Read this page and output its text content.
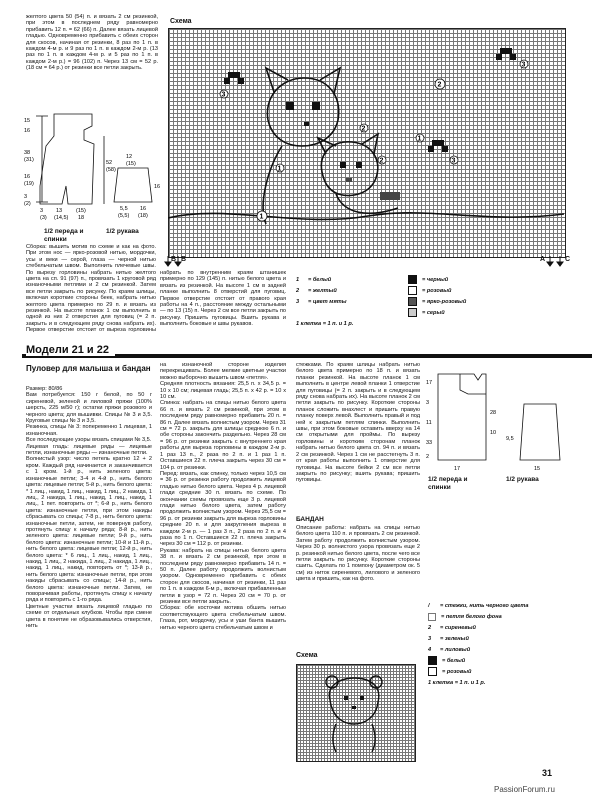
желтого цвета 50 (54) п. и вязать 2 см резинкой, при этом в последнем ряду равномерно прибавить 12 п. = 62 (66) п. Далее вязать лицевой гладью. Одновременно прибавить с обеих сторон для скосов, начиная от резинки, 8 раз по 1 п. в каждом 4-м р. и 9 раз по 1 п. в каждом 2-м р. (13 раз по 1 п. в каждом 4-м р. и 5 раз по 1 п. в каждом 2-м р.) = 96 (102) п. Через 13 см = 52 р. (18 см = 64 р.) от резинки все петли закрыть.
15
16
38
(31)
16
(19)
3
(2)
52
(58)
12
(15)
16
3
(3)
13
(14,5)
(15)
18
5,5
(5,5)
16
(18)
1/2 переда и спинки
1/2 рукава
Сборка: вышить мотив по схеме и как на фото. При этом нос — ярко-розовой нитью, мордочки, усы и веки — серой, глаза — черной нитью стебельчатым швом. Выполнить плечевые швы. По вырезу горловины набрать нитью желтого цвета на сп. 91 (97) п., провязать 1 круговой ряд изнаночными петлями и 2 см резинкой. Затем все петли закрыть по рисунку. По краям шлицы, включая короткие стороны беек, набрать нитью желтого цвета примерно по 29 п. и вязать из резинкой. На высоте планок 1 см выполнить в одной из них 2 отверстия для пуговиц (= 2 п. закрыть и в следующем ряду снова набрать их). Первое отверстие отстоит от выреза горловины
Схема
1
2
3
1
1
2
3
3
2
B B	A	C
набрать по внутренним краям штанишек примерно по 129 (145) п. нитью белого цвета и вязать из резинкой. На высоте 1 см в задней планке выполнить 8 отверстий для пуговиц. Первое отверстие отстоит от правого края работы на 4 п., расстояние между остальными — по 13 (15) п. Через 2 см все петли закрыть по рисунку. Пришить пуговицы. Вшить рукава и выполнить боковые и швы рукавов.
1	= белый	= черный
2	= желтый	= розовый
3	= цвет мяты	= ярко-розовый
= серый
1 клетка = 1 п. и 1 р.
Модели 21 и 22
Пуловер для малыша и бандан
Размер: 80/86
Вам потребуется: 150 г белой, по 50 г сиреневой, зеленой и лиловой пряжи (100% шерсть, 225 м/50 г); остатки пряжи розового и черного цвета; для вышивки. Спицы № 3 и 3,5. Круговые спицы № 3 и 3,5.
Резинка, спицы № 3: попеременно 1 лицевая, 1 изнаночная.
Все последующие узоры вязать спицами № 3,5.
Лицевая гладь: лицевые ряды — лицевые петли, изнаночные ряды — изнаночные петли.
Волнистый узор: число петель кратно 12 + 2 кром. Каждый ряд начинается и заканчивается с 1 кром. 1-й р., нить зеленого цвета: изнаночные петли; 3-4 и 4-й р., нить белого цвета: лицевые петли; 5-й р., нить белого цвета: * 1 лиц., накид, 1 лиц., накид, 1 лиц., 2 накида, 1 лиц., 2 накида, 1 лиц., накид, 1 лиц., накид, 1 лиц., 1 пет. повторить от *; 6-й р., нить белого цвета: изнаночные петли, при этом накиды сбрасывать со спицы; 7-8 р., нить белого цвета: изнаночные петли, затем, не повернув работу, протянуть спицу к началу ряда; 8-й р., нить зеленого цвета: лицевые петли; 9-й р., нить белого цвета: изнаночные петли; 10-й и 11-й р., нить белого цвета: лицевые петли; 12-й р., нить белого цвета: * 6 лиц., 1 лиц., накид, 1 лиц., накид, 1 лиц., 2 накида, 1 лиц., 2 накида, 1 лиц., накид, 1 лиц., накид, повторить от *; 13-й р., нить белого цвета: изнаночные петли, при этом накиды сбрасывать со спицы; 14-й р., нить белого цвета: изнаночные петли. Затем, не поворачивая работы, протянуть спицу к началу ряда и повторить с 1-го ряда.
Цветные участки вязать лицевой гладью по схеме от отдельных клубков. Чтобы при смене цвета в понятие не образовывались отверстия, нить
на изнаночной стороне изделия перекрещивать. Более мелкие цветные участки можно выборочно вышить швом «петля».
Средняя плотность вязания: 25,5 п. x 34,5 р. = 10 x 10 см; лицевая гладь; 25,5 п. x 42 р. = 10 x 10 см.
Спинка: набрать на спицы нитью белого цвета 66 п. и вязать 2 см резинкой, при этом в последнем ряду равномерно прибавить 20 п. = 86 п. Далее вязать волнистым узором. Через 31 см = 72 р. закрыть для шлицы среднюю 6 п. и обе стороны закончить раздельно. Через 28 см = 96 р. от резинки закрыть с внутреннего края работы для выреза горловины в каждом 2-м р. 1 раз 13 п., 2 раза по 2 п. и 1 раз 1 п. Оставшиеся 22 п. плеча закрыть через 30 см = 104 р. от резинки.
Перед: вязать, как спинку, только через 10,5 см = 36 р. от резинки работу продолжить лицевой гладью нитью белого цвета. Через 4 р. лицевой глади средние 30 п. вязать по схеме. По окончании схемы провязать еще 3 р. лицевой глади нитью белого цвета, затем работу продолжить волнистым узором. Через 25,5 см = 96 р. от резинки закрыть для выреза горловины средние 20 п. и для закругления выреза в каждом 2-м р. — 1 раз 3 п., 2 раза по 2 п. и 4 раза по 1 п. Оставшиеся 22 п. плеча закрыть через 30 см = 112 р. от резинки.
Рукава: набрать на спицы нитью белого цвета 38 п. и вязать 2 см резинкой, при этом в последнем ряду равномерно прибавить 14 п. = 50 п. Далее работу продолжить волнистым узором. Одновременно прибавить с обеих сторон для скосов, начиная от резинки, 11 раз по 1 п. в каждом 6-м р., включая прибавленные петли в узор = 72 п. Через 20 см = 70 р. от резинки все петли закрыть.
Сборка: обе косточки мотива обшить нитью соответствующего цвета стебельчатым швом. Глаза, рот, мордочку, усы и уши банта вышить нитью черного цвета стебельчатым швом и
стежками. По краям шлицы набрать нитью белого цвета примерно по 18 п. и вязать планки резинкой. На высоте планок 1 см выполнить в центре левой планки 1 отверстие для пуговицы (= 2 п. закрыть и в следующем ряду снова набрать их). На высоте планок 2 см петли закрыть по рисунку. Короткие стороны планок сложить внахлест и пришить правую планку поверх левой. Выполнить правый и под ней к закрытым петлям спинки. Выполнить швы, при этом боковые оставить вверху на 14 см открытыми для проймы. По вырезу горловины и коротким сторонам планок набрать нитью белого цвета сп. 94 п. и вязать 2 см резинкой. Через 1 см не расстегнуть 3 п. от края работы выполнить 1 отверстие для пуговицы. На высоте бейки 2 см все петли закрыть по рисунку; вшить рукава; пришить пуговицы.
17
3
11
33
2
28
10
17
9,5
15
1/2 переда и спинки
1/2 рукава
БАНДАН
Описание работы: набрать на спицы нитью белого цвета 110 п. и провязать 2 см резинкой. Затем работу продолжить волнистым узором. Через 30 р. волнистого узора провязать еще 2 р. резинкой нитью белого цвета, после чего все петли закрыть по рисунку. Короткие стороны сшить. Сделать по 1 помпону (диаметром ок. 5 см) из ниток сиреневого, лилового и зеленого цвета и пришить, как на фото.
/	= стежки, нить черного цвета
= петля белого фона
2	= сиреневый
3	= зеленый
4	= лиловый
= белый
= розовый
1 клетка = 1 п. и 1 р.
Схема
31
PassionForum.ru
